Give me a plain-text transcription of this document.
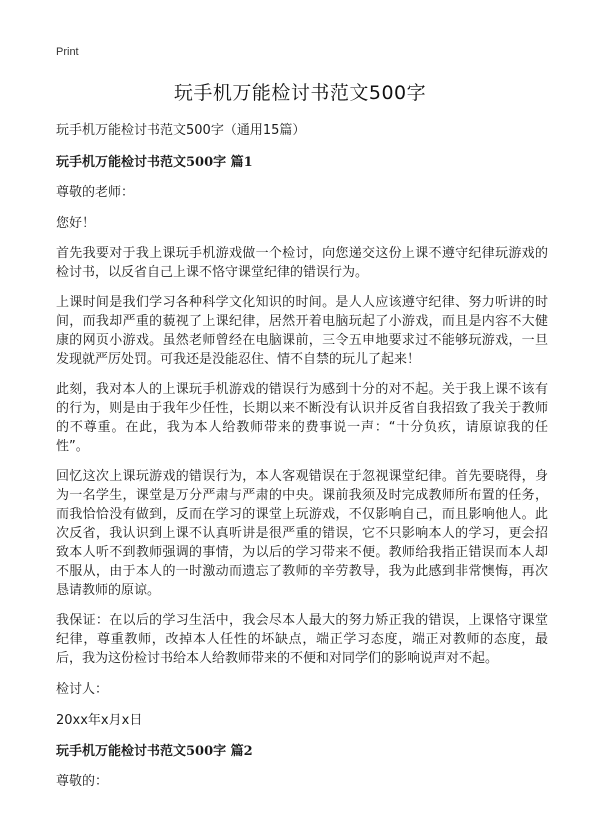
Print
玩手机万能检讨书范文500字

玩手机万能检讨书范文500字（通用15篇）

玩手机万能检讨书范文500字 篇1

尊敬的老师：

您好！

首先我要对于我上课玩手机游戏做一个检讨，向您递交这份上课不遵守纪律玩游戏的检讨书，以反省自己上课不恪守课堂纪律的错误行为。

上课时间是我们学习各种科学文化知识的时间。是人人应该遵守纪律、努力听讲的时间，而我却严重的藐视了上课纪律，居然开着电脑玩起了小游戏，而且是内容不大健康的网页小游戏。虽然老师曾经在电脑课前，三令五申地要求过不能够玩游戏，一旦发现就严厉处罚。可我还是没能忍住、情不自禁的玩儿了起来！

此刻，我对本人的上课玩手机游戏的错误行为感到十分的对不起。关于我上课不该有的行为，则是由于我年少任性，长期以来不断没有认识并反省自我招致了我关于教师的不尊重。在此，我为本人给教师带来的费事说一声：“十分负疚，请原谅我的任性”。

回忆这次上课玩游戏的错误行为，本人客观错误在于忽视课堂纪律。首先要晓得，身为一名学生，课堂是万分严肃与严肃的中央。课前我须及时完成教师所布置的任务，而我恰恰没有做到，反而在学习的课堂上玩游戏，不仅影响自己，而且影响他人。此次反省，我认识到上课不认真听讲是很严重的错误，它不只影响本人的学习，更会招致本人听不到教师强调的事情，为以后的学习带来不便。教师给我指正错误而本人却不服从，由于本人的一时激动而遗忘了教师的辛劳教导，我为此感到非常懊悔，再次恳请教师的原谅。

我保证：在以后的学习生活中，我会尽本人最大的努力矫正我的错误，上课恪守课堂纪律，尊重教师，改掉本人任性的坏缺点，端正学习态度，端正对教师的态度，最后，我为这份检讨书给本人给教师带来的不便和对同学们的影响说声对不起。

检讨人：

20xx年x月x日

玩手机万能检讨书范文500字 篇2

尊敬的：
